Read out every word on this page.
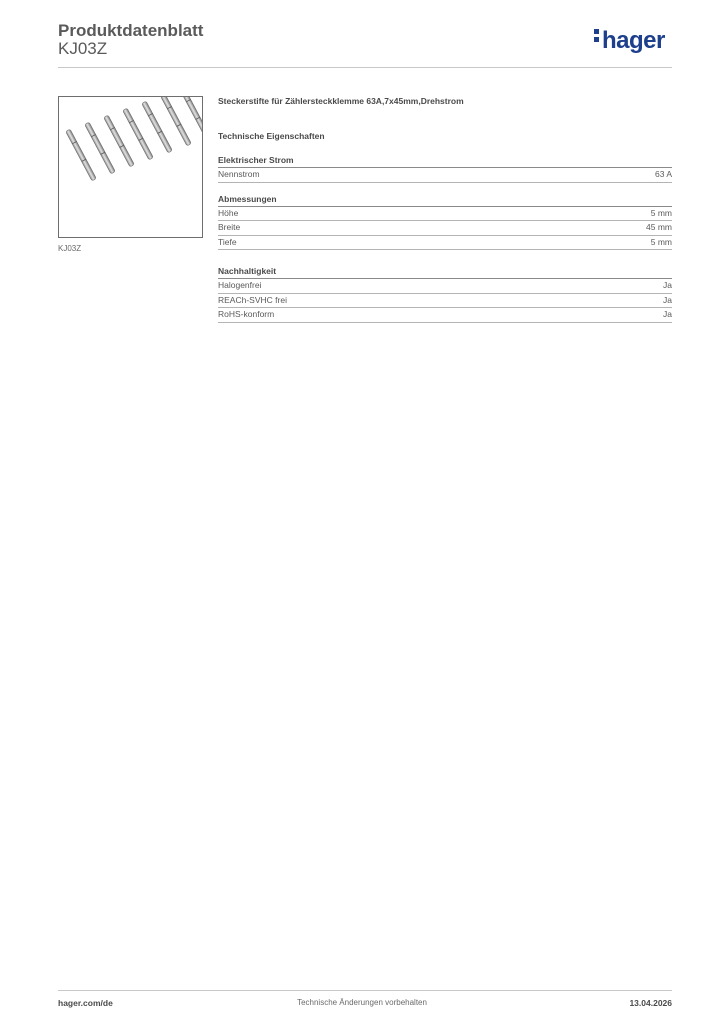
Produktdatenblatt
KJ03Z	hager
KJ03Z
Steckerstifte für Zählersteckklemme 63A,7x45mm,Drehstrom
Technische Eigenschaften
Elektrischer Strom
Nennstrom	63 A
Abmessungen
Höhe	5 mm
Breite	45 mm
Tiefe	5 mm
Nachhaltigkeit
Halogenfrei	Ja
REACh-SVHC frei	Ja
RoHS-konform	Ja
hager.com/de	Technische Änderungen vorbehalten	13.04.2026
